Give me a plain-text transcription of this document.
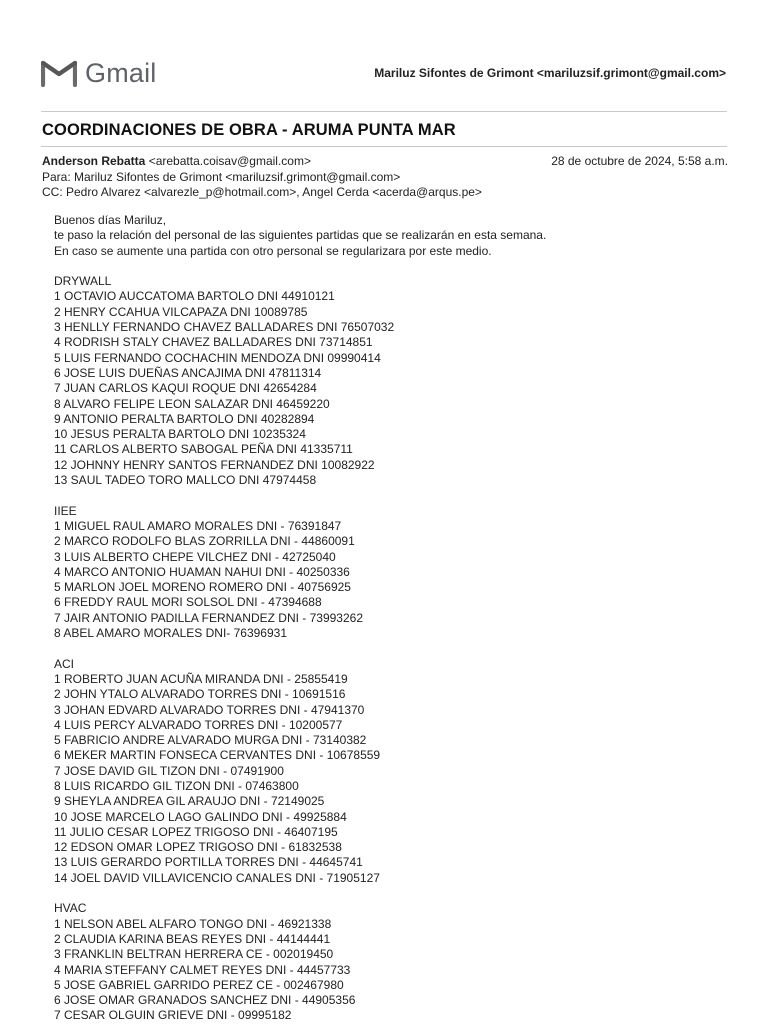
Gmail	Mariluz Sifontes de Grimont <mariluzsif.grimont@gmail.com>
COORDINACIONES DE OBRA - ARUMA PUNTA MAR
Anderson Rebatta <arebatta.coisav@gmail.com>	28 de octubre de 2024, 5:58 a.m.
Para: Mariluz Sifontes de Grimont <mariluzsif.grimont@gmail.com>
CC: Pedro Alvarez <alvarezle_p@hotmail.com>, Angel Cerda <acerda@arqus.pe>
Buenos días Mariluz,
te paso la relación del personal de las siguientes partidas que se realizarán en esta semana.
En caso se aumente una partida con otro personal se regularizara por este medio.
DRYWALL
1 OCTAVIO AUCCATOMA BARTOLO DNI 44910121
2 HENRY CCAHUA VILCAPAZA DNI 10089785
3 HENLLY FERNANDO CHAVEZ BALLADARES DNI 76507032
4 RODRISH STALY CHAVEZ BALLADARES DNI 73714851
5 LUIS FERNANDO COCHACHIN MENDOZA DNI 09990414
6 JOSE LUIS DUEÑAS ANCAJIMA DNI 47811314
7 JUAN CARLOS KAQUI ROQUE DNI 42654284
8 ALVARO FELIPE LEON SALAZAR DNI 46459220
9 ANTONIO PERALTA BARTOLO DNI 40282894
10 JESUS PERALTA BARTOLO DNI 10235324
11 CARLOS ALBERTO SABOGAL PEÑA DNI 41335711
12 JOHNNY HENRY SANTOS FERNANDEZ DNI 10082922
13 SAUL TADEO TORO MALLCO DNI 47974458
IIEE
1 MIGUEL RAUL AMARO MORALES DNI - 76391847
2 MARCO RODOLFO BLAS ZORRILLA DNI - 44860091
3 LUIS ALBERTO CHEPE VILCHEZ DNI - 42725040
4 MARCO ANTONIO HUAMAN NAHUI DNI - 40250336
5 MARLON JOEL MORENO ROMERO DNI - 40756925
6 FREDDY RAUL MORI SOLSOL DNI - 47394688
7 JAIR ANTONIO PADILLA FERNANDEZ DNI - 73993262
8 ABEL AMARO MORALES DNI- 76396931
ACI
1 ROBERTO JUAN ACUÑA MIRANDA DNI - 25855419
2 JOHN YTALO ALVARADO TORRES DNI - 10691516
3 JOHAN EDVARD ALVARADO TORRES DNI - 47941370
4 LUIS PERCY ALVARADO TORRES DNI - 10200577
5 FABRICIO ANDRE ALVARADO MURGA DNI - 73140382
6 MEKER MARTIN FONSECA CERVANTES DNI - 10678559
7 JOSE DAVID GIL TIZON DNI - 07491900
8 LUIS RICARDO GIL TIZON DNI - 07463800
9 SHEYLA ANDREA GIL ARAUJO DNI - 72149025
10 JOSE MARCELO LAGO GALINDO DNI - 49925884
11 JULIO CESAR LOPEZ TRIGOSO DNI - 46407195
12 EDSON OMAR LOPEZ TRIGOSO DNI - 61832538
13 LUIS GERARDO PORTILLA TORRES DNI - 44645741
14 JOEL DAVID VILLAVICENCIO CANALES DNI - 71905127
HVAC
1 NELSON ABEL ALFARO TONGO DNI - 46921338
2 CLAUDIA KARINA BEAS REYES DNI - 44144441
3 FRANKLIN BELTRAN HERRERA CE - 002019450
4 MARIA STEFFANY CALMET REYES DNI - 44457733
5 JOSE GABRIEL GARRIDO PEREZ CE - 002467980
6 JOSE OMAR GRANADOS SANCHEZ DNI - 44905356
7 CESAR OLGUIN GRIEVE DNI - 09995182
